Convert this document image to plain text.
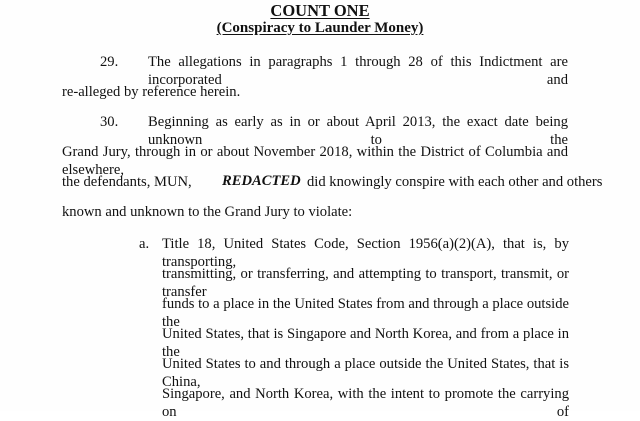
COUNT ONE
(Conspiracy to Launder Money)
29. The allegations in paragraphs 1 through 28 of this Indictment are incorporated and
re-alleged by reference herein.
30. Beginning as early as in or about April 2013, the exact date being unknown to the
Grand Jury, through in or about November 2018, within the District of Columbia and elsewhere,
the defendants, MUN, REDACTED did knowingly conspire with each other and others
known and unknown to the Grand Jury to violate:
a. Title 18, United States Code, Section 1956(a)(2)(A), that is, by transporting,
transmitting, or transferring, and attempting to transport, transmit, or transfer
funds to a place in the United States from and through a place outside the
United States, that is Singapore and North Korea, and from a place in the
United States to and through a place outside the United States, that is China,
Singapore, and North Korea, with the intent to promote the carrying on of
